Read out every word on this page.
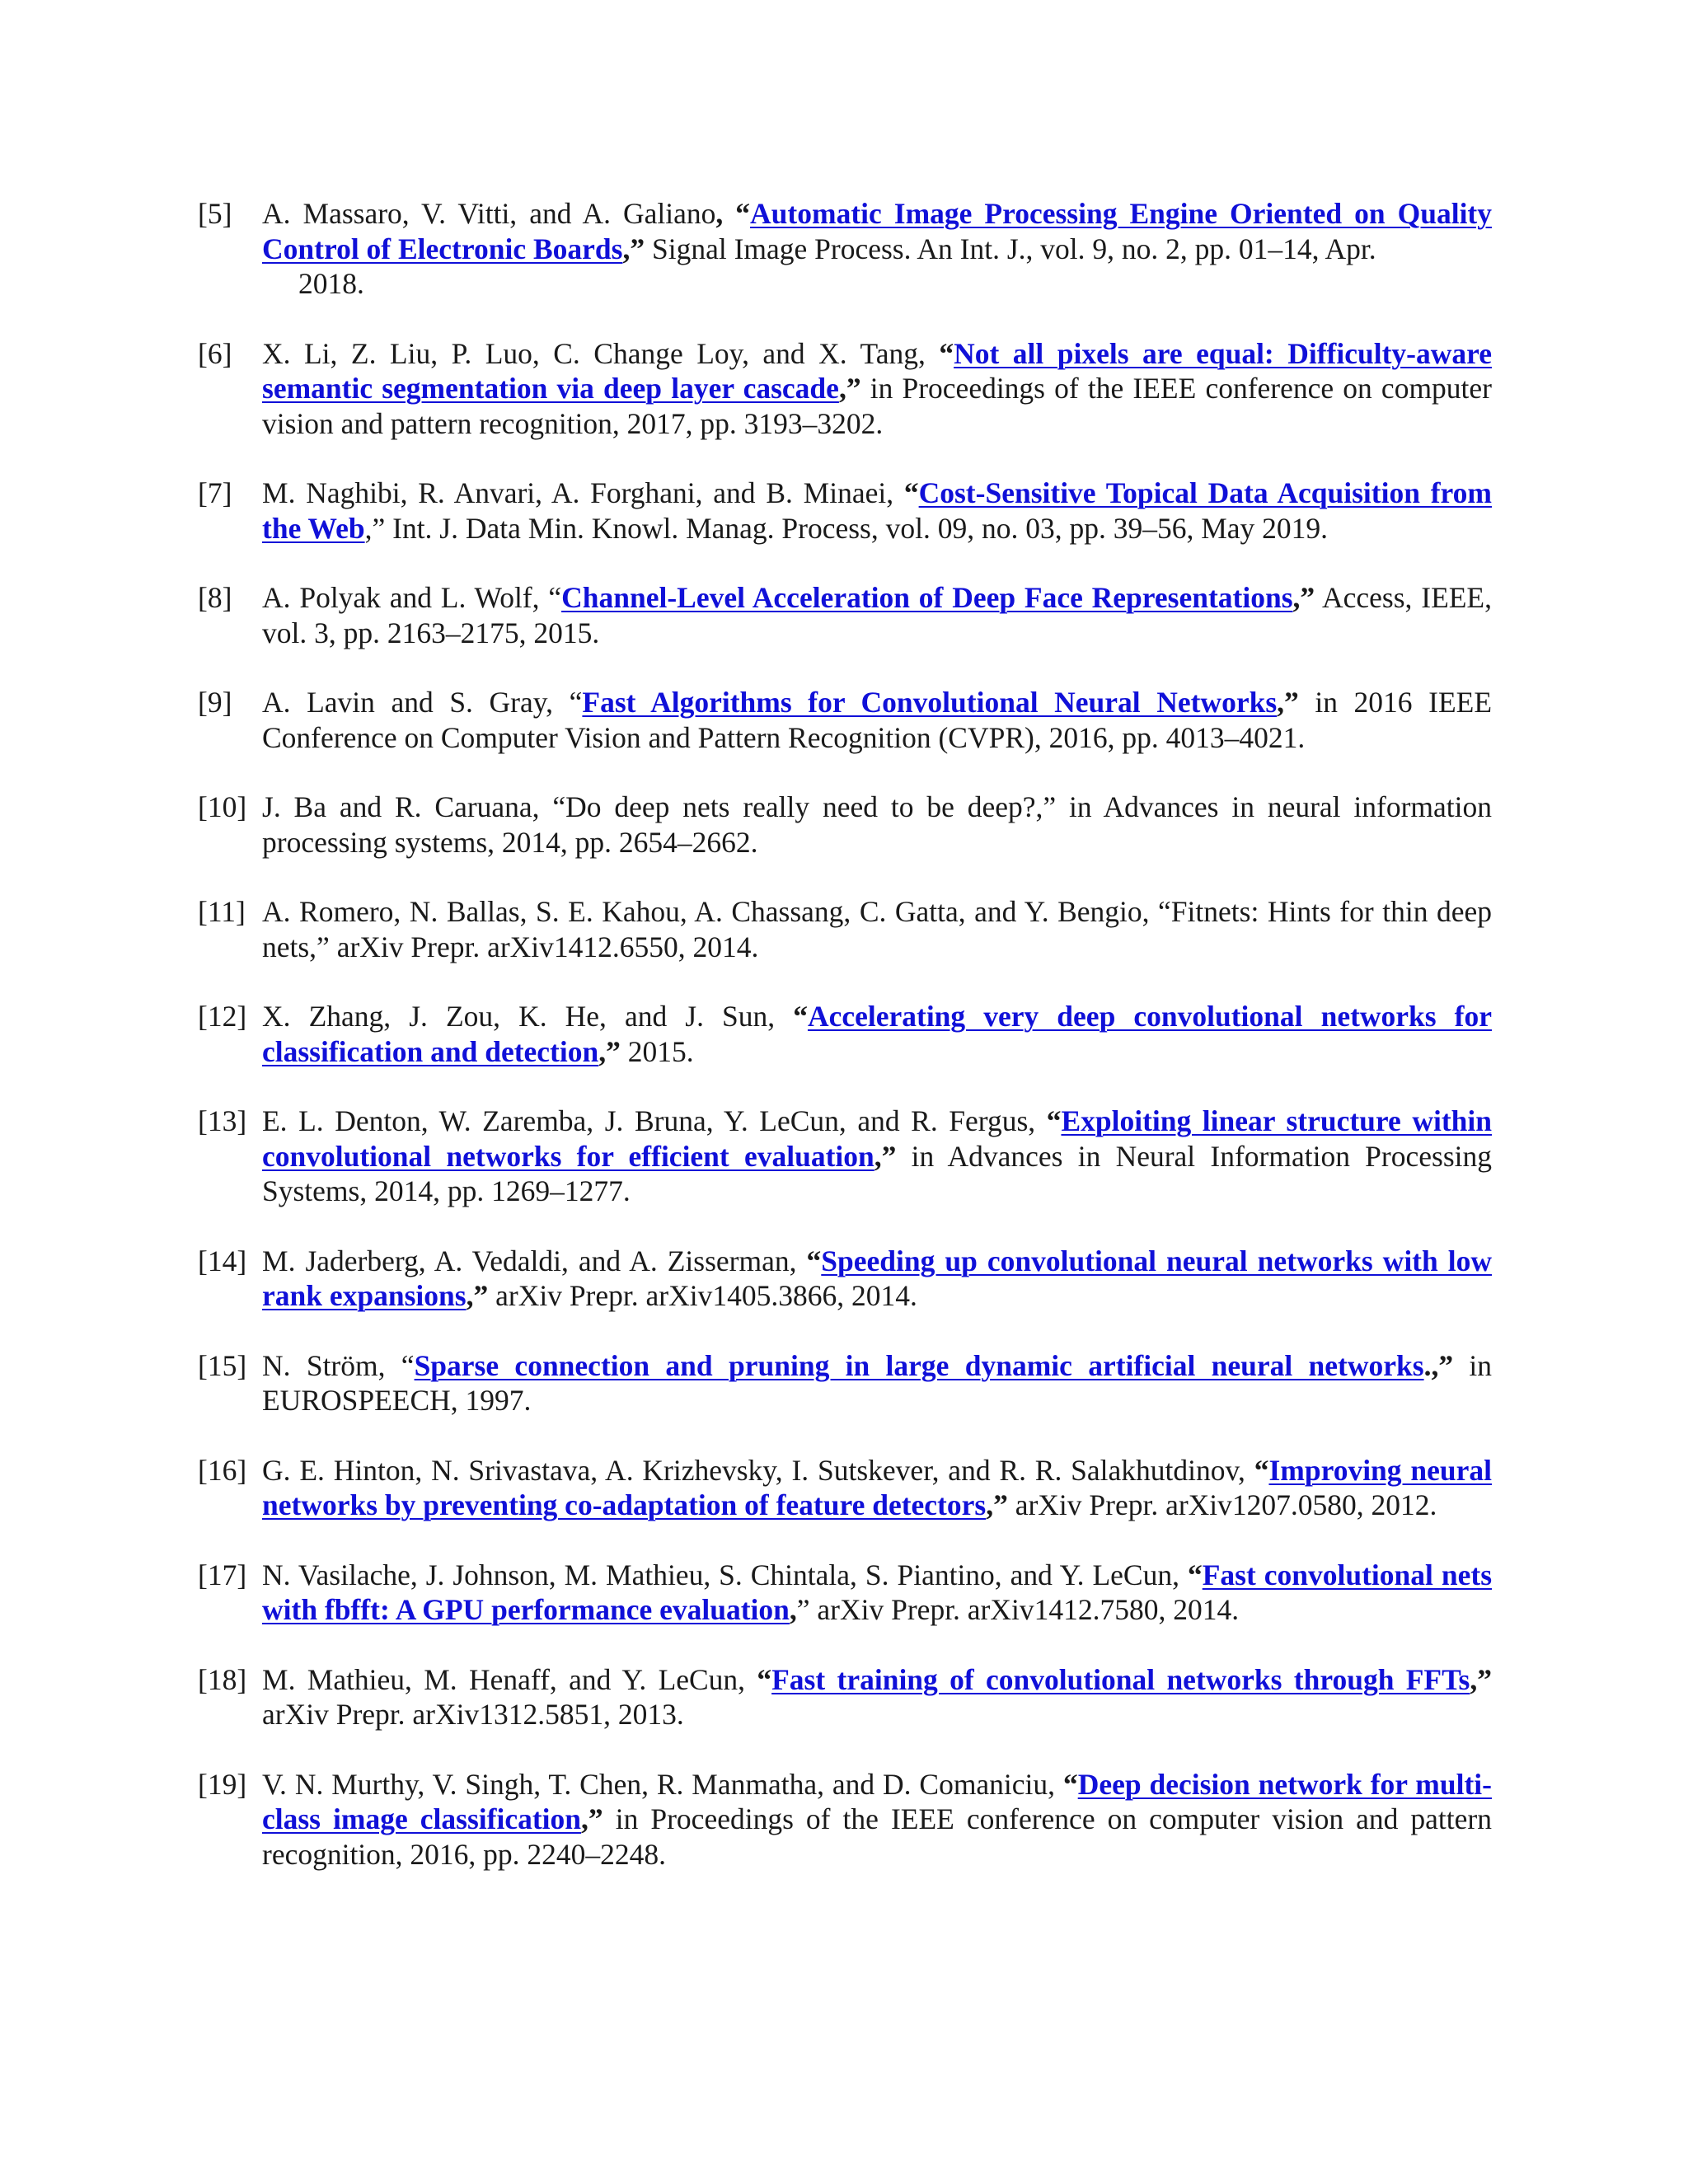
[5] A. Massaro, V. Vitti, and A. Galiano, “Automatic Image Processing Engine Oriented on Quality Control of Electronic Boards,” Signal Image Process. An Int. J., vol. 9, no. 2, pp. 01–14, Apr.
2018.
[6] X. Li, Z. Liu, P. Luo, C. Change Loy, and X. Tang, “Not all pixels are equal: Difficulty-aware semantic segmentation via deep layer cascade,” in Proceedings of the IEEE conference on computer vision and pattern recognition, 2017, pp. 3193–3202.
[7] M. Naghibi, R. Anvari, A. Forghani, and B. Minaei, “Cost-Sensitive Topical Data Acquisition from the Web,” Int. J. Data Min. Knowl. Manag. Process, vol. 09, no. 03, pp. 39–56, May 2019.
[8] A. Polyak and L. Wolf, “Channel-Level Acceleration of Deep Face Representations,” Access, IEEE, vol. 3, pp. 2163–2175, 2015.
[9] A. Lavin and S. Gray, “Fast Algorithms for Convolutional Neural Networks,” in 2016 IEEE Conference on Computer Vision and Pattern Recognition (CVPR), 2016, pp. 4013–4021.
[10] J. Ba and R. Caruana, “Do deep nets really need to be deep?,” in Advances in neural information processing systems, 2014, pp. 2654–2662.
[11] A. Romero, N. Ballas, S. E. Kahou, A. Chassang, C. Gatta, and Y. Bengio, “Fitnets: Hints for thin deep nets,” arXiv Prepr. arXiv1412.6550, 2014.
[12] X. Zhang, J. Zou, K. He, and J. Sun, “Accelerating very deep convolutional networks for classification and detection,” 2015.
[13] E. L. Denton, W. Zaremba, J. Bruna, Y. LeCun, and R. Fergus, “Exploiting linear structure within convolutional networks for efficient evaluation,” in Advances in Neural Information Processing Systems, 2014, pp. 1269–1277.
[14] M. Jaderberg, A. Vedaldi, and A. Zisserman, “Speeding up convolutional neural networks with low rank expansions,” arXiv Prepr. arXiv1405.3866, 2014.
[15] N. Ström, “Sparse connection and pruning in large dynamic artificial neural networks.,” in EUROSPEECH, 1997.
[16] G. E. Hinton, N. Srivastava, A. Krizhevsky, I. Sutskever, and R. R. Salakhutdinov, “Improving neural networks by preventing co-adaptation of feature detectors,” arXiv Prepr. arXiv1207.0580, 2012.
[17] N. Vasilache, J. Johnson, M. Mathieu, S. Chintala, S. Piantino, and Y. LeCun, “Fast convolutional nets with fbfft: A GPU performance evaluation,” arXiv Prepr. arXiv1412.7580, 2014.
[18] M. Mathieu, M. Henaff, and Y. LeCun, “Fast training of convolutional networks through FFTs,” arXiv Prepr. arXiv1312.5851, 2013.
[19] V. N. Murthy, V. Singh, T. Chen, R. Manmatha, and D. Comaniciu, “Deep decision network for multi-class image classification,” in Proceedings of the IEEE conference on computer vision and pattern recognition, 2016, pp. 2240–2248.
